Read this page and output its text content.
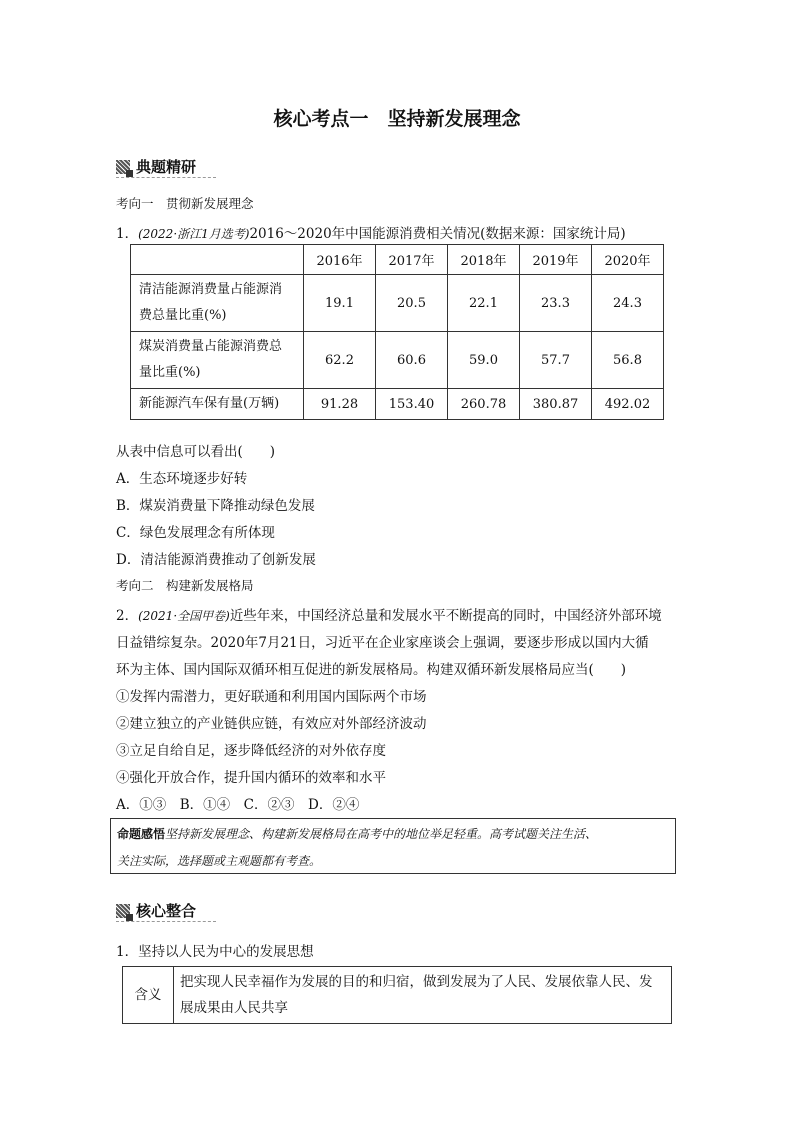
核心考点一　坚持新发展理念
典题精研
考向一　贯彻新发展理念
1．(2022·浙江1月选考)2016～2020年中国能源消费相关情况(数据来源：国家统计局)
	2016年	2017年	2018年	2019年	2020年
清洁能源消费量占能源消
费总量比重(%)	19.1	20.5	22.1	23.3	24.3
煤炭消费量占能源消费总
量比重(%)	62.2	60.6	59.0	57.7	56.8
新能源汽车保有量(万辆)	91.28	153.40	260.78	380.87	492.02
从表中信息可以看出(　　)
A．生态环境逐步好转
B．煤炭消费量下降推动绿色发展
C．绿色发展理念有所体现
D．清洁能源消费推动了创新发展
考向二　构建新发展格局
2．(2021·全国甲卷)近些年来，中国经济总量和发展水平不断提高的同时，中国经济外部环境
日益错综复杂。2020年7月21日，习近平在企业家座谈会上强调，要逐步形成以国内大循
环为主体、国内国际双循环相互促进的新发展格局。构建双循环新发展格局应当(　　)
①发挥内需潜力，更好联通和利用国内国际两个市场
②建立独立的产业链供应链，有效应对外部经济波动
③立足自给自足，逐步降低经济的对外依存度
④强化开放合作，提升国内循环的效率和水平
A．①③　B．①④　C．②③　D．②④
命题感悟坚持新发展理念、构建新发展格局在高考中的地位举足轻重。高考试题关注生活、
关注实际，选择题或主观题都有考查。
核心整合
1．坚持以人民为中心的发展思想
含义	把实现人民幸福作为发展的目的和归宿，做到发展为了人民、发展依靠人民、发
展成果由人民共享
